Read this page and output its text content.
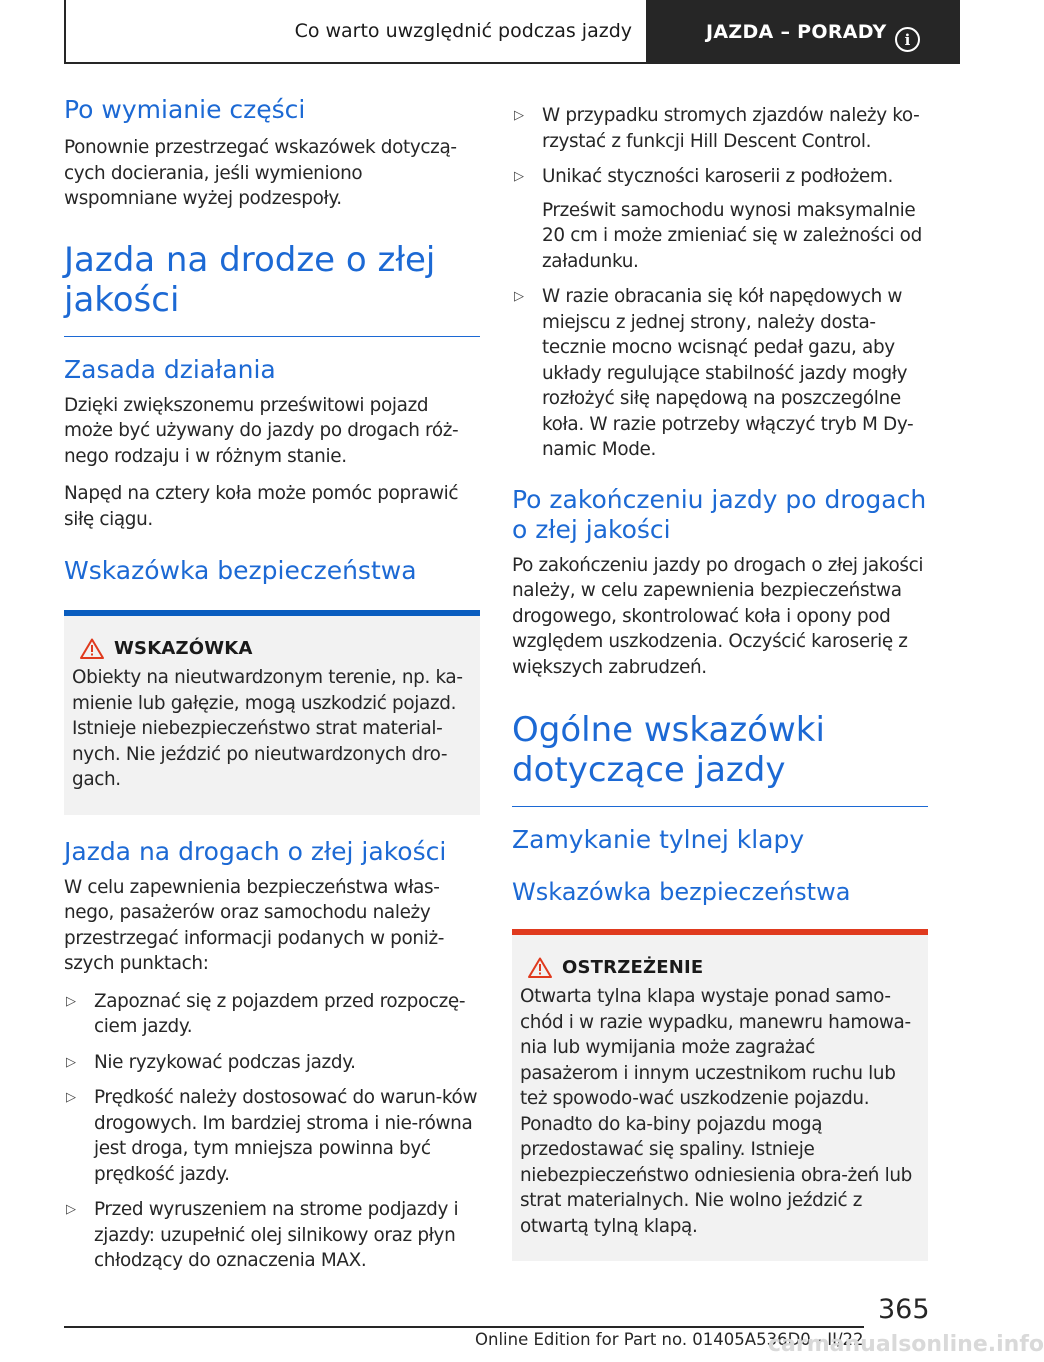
Co warto uwzględnić podczas jazdy	JAZDA – PORADY	i
Po wymianie części

Ponownie przestrzegać wskazówek dotyczą-cych docierania, jeśli wymieniono wspomniane wyżej podzespoły.

Jazda na drodze o złej jakości
Zasada działania

Dzięki zwiększonemu prześwitowi pojazd może być używany do jazdy po drogach róż-nego rodzaju i w różnym stanie.

Napęd na cztery koła może pomóc poprawić siłę ciągu.

Wskazówka bezpieczeństwa
WSKAZÓWKA

Obiekty na nieutwardzonym terenie, np. ka-mienie lub gałęzie, mogą uszkodzić pojazd. Istnieje niebezpieczeństwo strat material-nych. Nie jeździć po nieutwardzonych dro-gach.

Jazda na drogach o złej jakości

W celu zapewnienia bezpieczeństwa włas-nego, pasażerów oraz samochodu należy przestrzegać informacji podanych w poniż-szych punktach:

▷ Zapoznać się z pojazdem przed rozpoczę-ciem jazdy.
▷ Nie ryzykować podczas jazdy.
▷ Prędkość należy dostosować do warun-ków drogowych. Im bardziej stroma i nie-równa jest droga, tym mniejsza powinna być prędkość jazdy.
▷ Przed wyruszeniem na strome podjazdy i zjazdy: uzupełnić olej silnikowy oraz płyn chłodzący do oznaczenia MAX.
▷ W przypadku stromych zjazdów należy ko-rzystać z funkcji Hill Descent Control.
▷ Unikać styczności karoserii z podłożem.

Prześwit samochodu wynosi maksymalnie 20 cm i może zmieniać się w zależności od załadunku.

▷ W razie obracania się kół napędowych w miejscu z jednej strony, należy dosta-tecznie mocno wcisnąć pedał gazu, aby układy regulujące stabilność jazdy mogły rozłożyć siłę napędową na poszczególne koła. W razie potrzeby włączyć tryb M Dy-namic Mode.
Po zakończeniu jazdy po drogach o złej jakości

Po zakończeniu jazdy po drogach o złej jakości należy, w celu zapewnienia bezpieczeństwa drogowego, skontrolować koła i opony pod względem uszkodzenia. Oczyścić karoserię z większych zabrudzeń.

Ogólne wskazówki dotyczące jazdy
Zamykanie tylnej klapy
Wskazówka bezpieczeństwa
OSTRZEŻENIE

Otwarta tylna klapa wystaje ponad samo-chód i w razie wypadku, manewru hamowa-nia lub wymijania może zagrażać pasażerom i innym uczestnikom ruchu lub też spowodo-wać uszkodzenie pojazdu. Ponadto do ka-biny pojazdu mogą przedostawać się spaliny. Istnieje niebezpieczeństwo odniesienia obra-żeń lub strat materialnych. Nie wolno jeździć z otwartą tylną klapą.

365
Online Edition for Part no. 01405A536D0 - II/22
carmanualsonline.info
